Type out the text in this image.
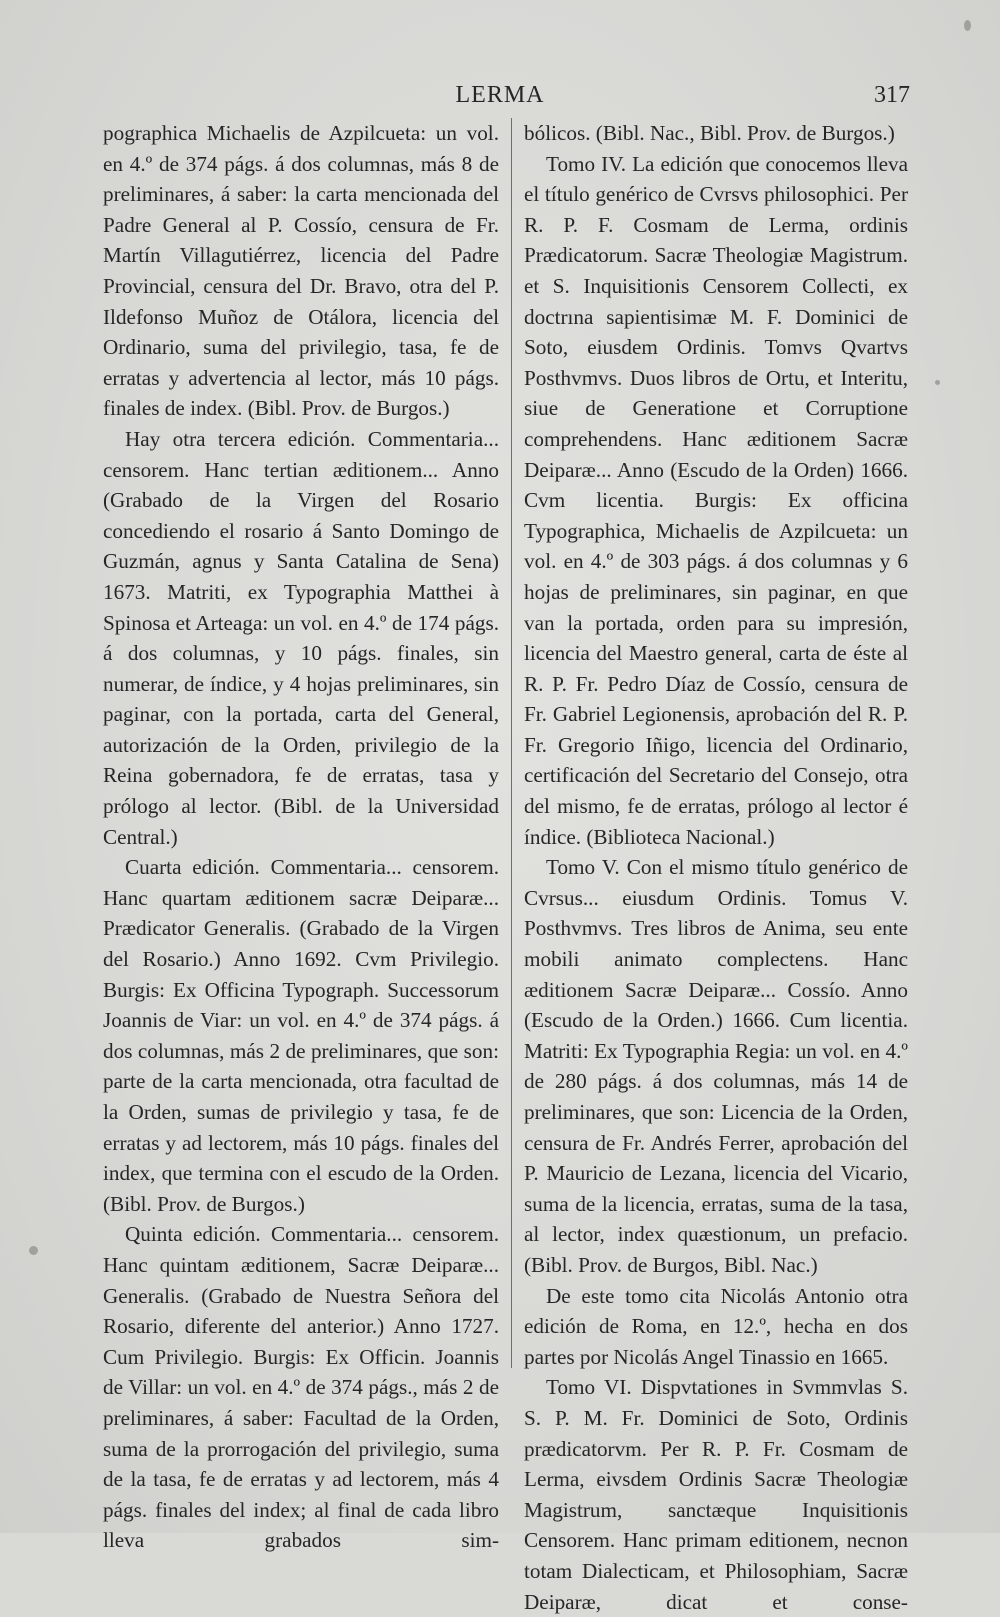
LERMA	317

pographica Michaelis de Azpilcueta: un vol. en 4.º de 374 págs. á dos columnas, más 8 de preliminares, á saber: la carta mencionada del Padre General al P. Cossío, censura de Fr. Martín Villagutiérrez, licencia del Padre Provincial, censura del Dr. Bravo, otra del P. Ildefonso Muñoz de Otálora, licencia del Ordinario, suma del privilegio, tasa, fe de erratas y advertencia al lector, más 10 págs. finales de index. (Bibl. Prov. de Burgos.)

Hay otra tercera edición. Commentaria... censorem. Hanc tertian æditionem... Anno (Grabado de la Virgen del Rosario concediendo el rosario á Santo Domingo de Guzmán, agnus y Santa Catalina de Sena) 1673. Matriti, ex Typographia Matthei à Spinosa et Arteaga: un vol. en 4.º de 174 págs. á dos columnas, y 10 págs. finales, sin numerar, de índice, y 4 hojas preliminares, sin paginar, con la portada, carta del General, autorización de la Orden, privilegio de la Reina gobernadora, fe de erratas, tasa y prólogo al lector. (Bibl. de la Universidad Central.)

Cuarta edición. Commentaria... censorem. Hanc quartam æditionem sacræ Deiparæ... Prædicator Generalis. (Grabado de la Virgen del Rosario.) Anno 1692. Cvm Privilegio. Burgis: Ex Officina Typograph. Successorum Joannis de Viar: un vol. en 4.º de 374 págs. á dos columnas, más 2 de preliminares, que son: parte de la carta mencionada, otra facultad de la Orden, sumas de privilegio y tasa, fe de erratas y ad lectorem, más 10 págs. finales del index, que termina con el escudo de la Orden. (Bibl. Prov. de Burgos.)

Quinta edición. Commentaria... censorem. Hanc quintam æditionem, Sacræ Deiparæ... Generalis. (Grabado de Nuestra Señora del Rosario, diferente del anterior.) Anno 1727. Cum Privilegio. Burgis: Ex Officin. Joannis de Villar: un vol. en 4.º de 374 págs., más 2 de preliminares, á saber: Facultad de la Orden, suma de la prorrogación del privilegio, suma de la tasa, fe de erratas y ad lectorem, más 4 págs. finales del index; al final de cada libro lleva grabados sim-

bólicos. (Bibl. Nac., Bibl. Prov. de Burgos.)

Tomo IV. La edición que conocemos lleva el título genérico de Cvrsvs philosophici. Per R. P. F. Cosmam de Lerma, ordinis Prædicatorum. Sacræ Theologiæ Magistrum. et S. Inquisitionis Censorem Collecti, ex doctrına sapientisimæ M. F. Dominici de Soto, eiusdem Ordinis. Tomvs Qvartvs Posthvmvs. Duos libros de Ortu, et Interitu, siue de Generatione et Corruptione comprehendens. Hanc æditionem Sacræ Deiparæ... Anno (Escudo de la Orden) 1666. Cvm licentia. Burgis: Ex officina Typographica, Michaelis de Azpilcueta: un vol. en 4.º de 303 págs. á dos columnas y 6 hojas de preliminares, sin paginar, en que van la portada, orden para su impresión, licencia del Maestro general, carta de éste al R. P. Fr. Pedro Díaz de Cossío, censura de Fr. Gabriel Legionensis, aprobación del R. P. Fr. Gregorio Iñigo, licencia del Ordinario, certificación del Secretario del Consejo, otra del mismo, fe de erratas, prólogo al lector é índice. (Biblioteca Nacional.)

Tomo V. Con el mismo título genérico de Cvrsus... eiusdum Ordinis. Tomus V. Posthvmvs. Tres libros de Anima, seu ente mobili animato complectens. Hanc æditionem Sacræ Deiparæ... Cossío. Anno (Escudo de la Orden.) 1666. Cum licentia. Matriti: Ex Typographia Regia: un vol. en 4.º de 280 págs. á dos columnas, más 14 de preliminares, que son: Licencia de la Orden, censura de Fr. Andrés Ferrer, aprobación del P. Mauricio de Lezana, licencia del Vicario, suma de la licencia, erratas, suma de la tasa, al lector, index quæstionum, un prefacio. (Bibl. Prov. de Burgos, Bibl. Nac.)

De este tomo cita Nicolás Antonio otra edición de Roma, en 12.º, hecha en dos partes por Nicolás Angel Tinassio en 1665.

Tomo VI. Dispvtationes in Svmmvlas S. S. P. M. Fr. Dominici de Soto, Ordinis prædicatorvm. Per R. P. Fr. Cosmam de Lerma, eivsdem Ordinis Sacræ Theologiæ Magistrum, sanctæque Inquisitionis Censorem. Hanc primam editionem, necnon totam Dialecticam, et Philosophiam, Sacræ Deiparæ, dicat et conse-
